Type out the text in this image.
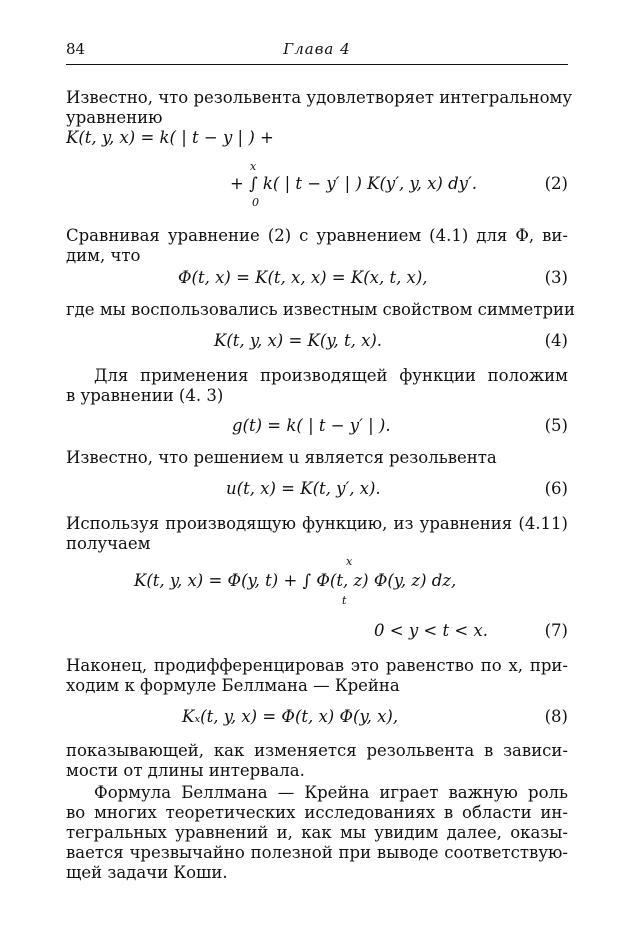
84	Глава 4
Известно, что резольвента удовлетворяет интегральному
уравнению
K(t, y, x) = k( | t − y | ) +
x
+ ∫ k( | t − y′ | ) K(y′, y, x) dy′.
0
(2)
Сравнивая уравнение (2) с уравнением (4.1) для Φ, ви-
дим, что
Φ(t, x) = K(t, x, x) = K(x, t, x),	(3)
где мы воспользовались известным свойством симметрии
K(t, y, x) = K(y, t, x).	(4)
Для применения производящей функции положим
в уравнении (4. 3)
g(t) = k( | t − y′ | ).	(5)
Известно, что решением u является резольвента
u(t, x) = K(t, y′, x).	(6)
Используя производящую функцию, из уравнения (4.11)
получаем
x
K(t, y, x) = Φ(y, t) + ∫ Φ(t, z) Φ(y, z) dz,
t
0 < y < t < x.	(7)
Наконец, продифференцировав это равенство по x, при-
ходим к формуле Беллмана — Крейна
Kₓ(t, y, x) = Φ(t, x) Φ(y, x),	(8)
показывающей, как изменяется резольвента в зависи-
мости от длины интервала.
Формула Беллмана — Крейна играет важную роль
во многих теоретических исследованиях в области ин-
тегральных уравнений и, как мы увидим далее, оказы-
вается чрезвычайно полезной при выводе соответствую-
щей задачи Коши.
